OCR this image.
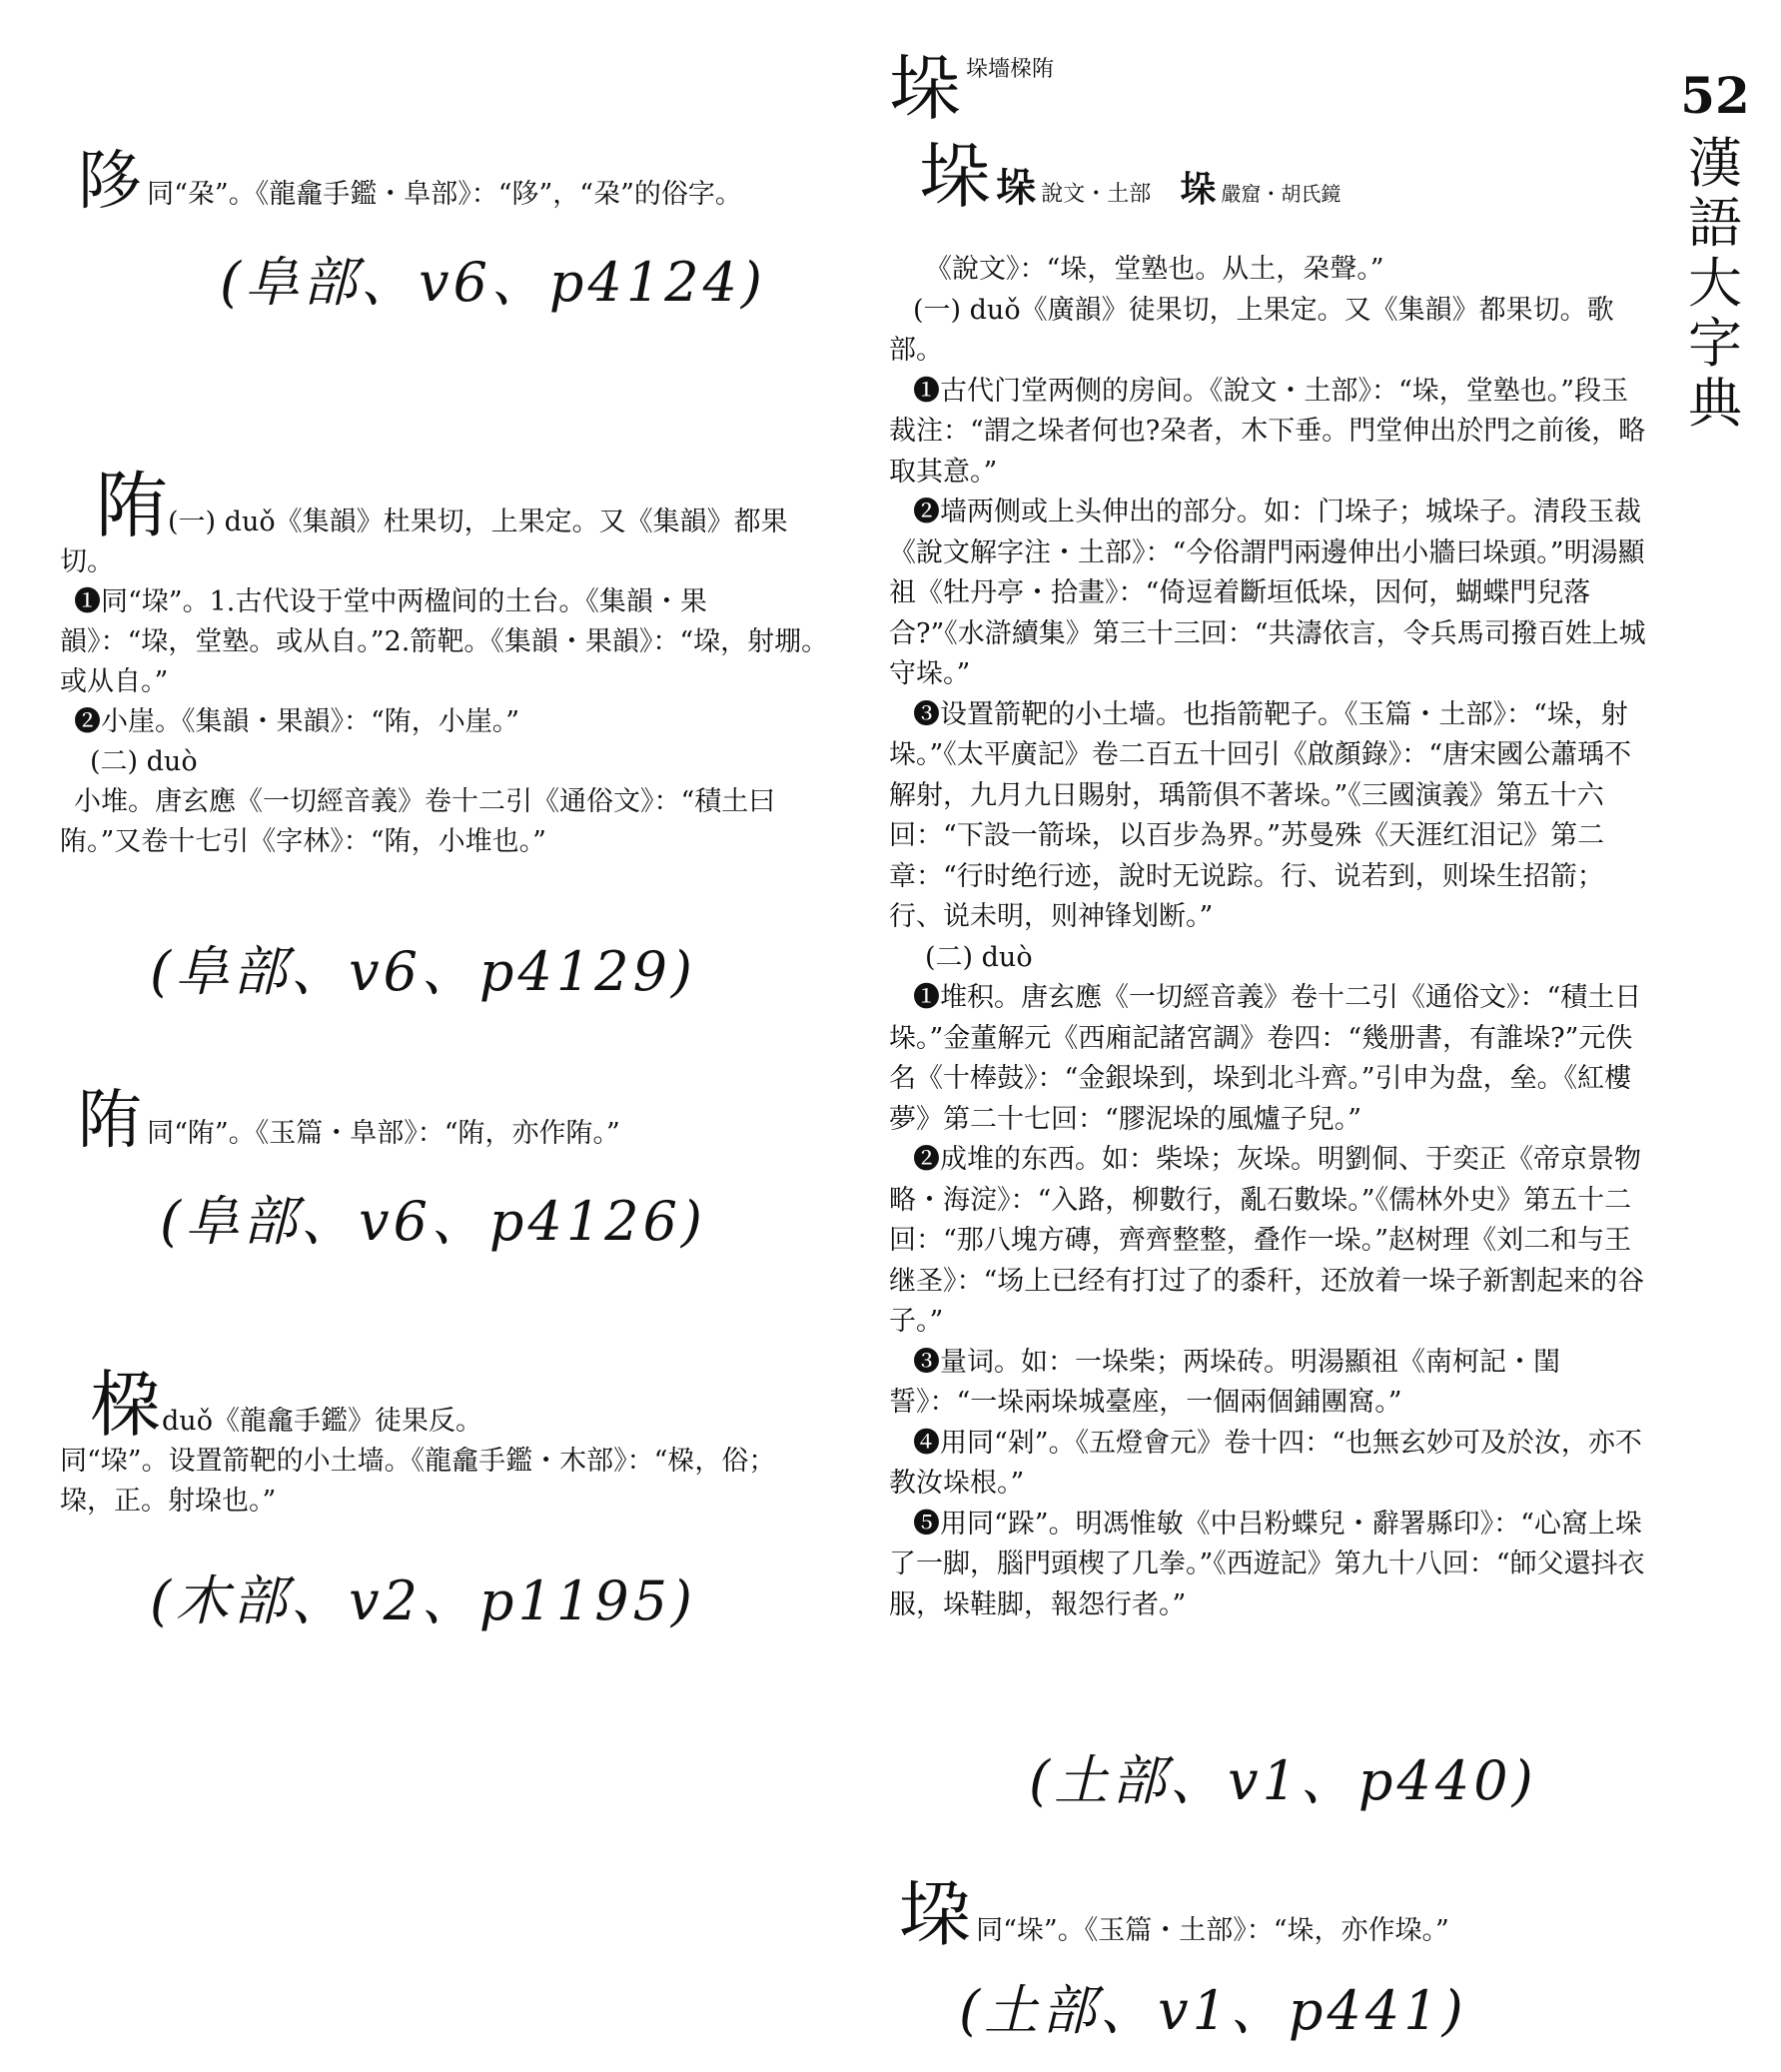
52
漢
語
大
字
典
陊 同“朶”。《龍龕手鑑・阜部》：“陊”，“朶”的俗字。
(阜部、v6、p4124)

陏(一) duǒ《集韻》杜果切，上果定。又《集韻》都果切。

❶同“垜”。1.古代设于堂中两楹间的土台。《集韻・果韻》：“垜，堂塾。或从自。”2.箭靶。《集韻・果韻》：“垜，射堋。或从自。”

❷小崖。《集韻・果韻》：“陏，小崖。”

(二) duò

小堆。唐玄應《一切經音義》卷十二引《通俗文》：“積土曰陏。”又卷十七引《字林》：“陏，小堆也。”

(阜部、v6、p4129)
陏 同“陏”。《玉篇・阜部》：“陏，亦作陏。”
(阜部、v6、p4126)

桗duǒ《龍龕手鑑》徒果反。

同“垜”。设置箭靶的小土墙。《龍龕手鑑・木部》：“桗，俗；垜，正。射垜也。”

(木部、v2、p1195)
垛 垛墻桗陏
垛 垛 說文・土部 垛 嚴窟・胡氏鏡

《說文》：“垛，堂塾也。从土，朶聲。”

(一) duǒ《廣韻》徒果切，上果定。又《集韻》都果切。歌部。

❶古代门堂两侧的房间。《說文・土部》：“垛，堂塾也。”段玉裁注：“謂之垛者何也?朶者，木下垂。門堂伸出於門之前後，略取其意。”

❷墙两侧或上头伸出的部分。如：门垛子；城垛子。清段玉裁《說文解字注・土部》：“今俗謂門兩邊伸出小牆曰垛頭。”明湯顯祖《牡丹亭・拾畫》：“倚逗着斷垣低垛，因何，蝴蝶門兒落合?”《水滸續集》第三十三回：“共濤依言，令兵馬司撥百姓上城守垛。”

❸设置箭靶的小土墙。也指箭靶子。《玉篇・土部》：“垛，射垛。”《太平廣記》卷二百五十回引《啟顏錄》：“唐宋國公蕭瑀不解射，九月九日賜射，瑀箭俱不著垛。”《三國演義》第五十六回：“下設一箭垛，以百步為界。”苏曼殊《天涯红泪记》第二章：“行时绝行迹，說时无说踪。行、说若到，则垛生招箭；行、说未明，则神锋划断。”

(二) duò

❶堆积。唐玄應《一切經音義》卷十二引《通俗文》：“積土日垛。”金董解元《西廂記諸宮調》卷四：“幾册書，有誰垛?”元佚名《十棒鼓》：“金銀垛到，垛到北斗齊。”引申为盘，垒。《紅樓夢》第二十七回：“膠泥垛的風爐子兒。”

❷成堆的东西。如：柴垛；灰垛。明劉侗、于奕正《帝京景物略・海淀》：“入路，柳數行，亂石數垛。”《儒林外史》第五十二回：“那八塊方磚，齊齊整整，叠作一垛。”赵树理《刘二和与王继圣》：“场上已经有打过了的黍秆，还放着一垛子新割起来的谷子。”

❸量词。如：一垛柴；两垛砖。明湯顯祖《南柯記・閨誓》：“一垛兩垛城臺座，一個兩個鋪團窩。”

❹用同“剁”。《五燈會元》卷十四：“也無玄妙可及於汝，亦不教汝垛根。”

❺用同“跺”。明馮惟敏《中吕粉蝶兒・辭署縣印》：“心窩上垛了一脚，腦門頭楔了几拳。”《西遊記》第九十八回：“師父還抖衣服，垛鞋脚，報怨行者。”

(土部、v1、p440)
垜 同“垛”。《玉篇・土部》：“垛，亦作垜。”
(土部、v1、p441)
